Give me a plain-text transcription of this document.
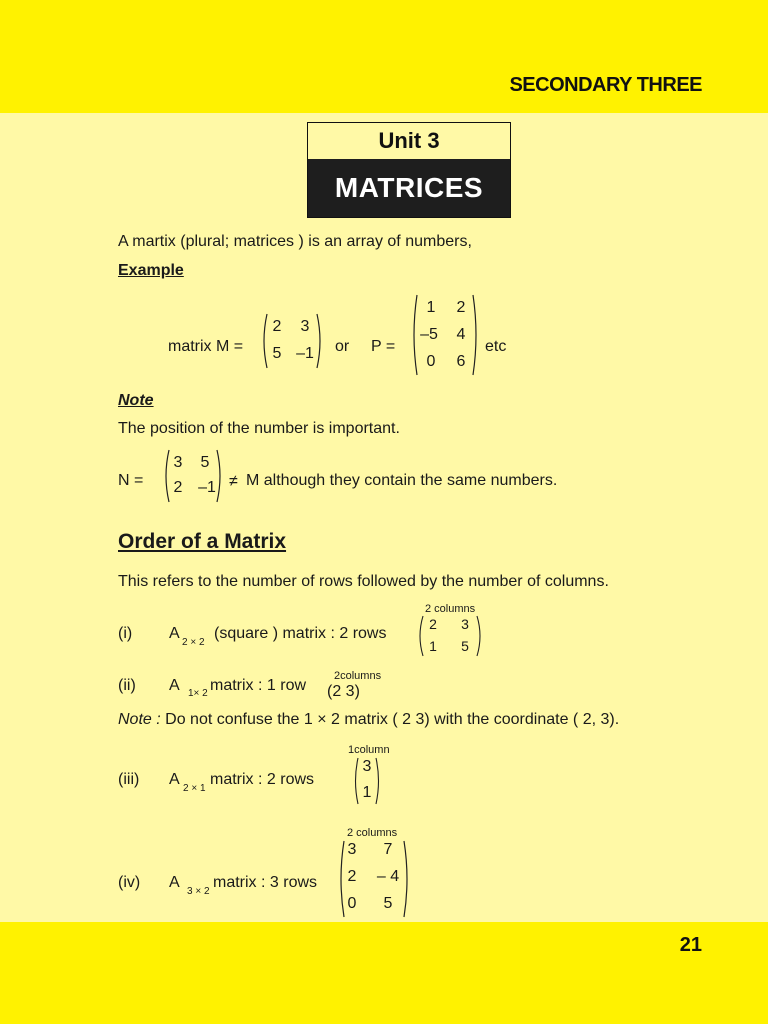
SECONDARY THREE
Unit 3
MATRICES
A martix (plural; matrices ) is an array of numbers,
Example
matrix M =
2	3
5 –1 or P =
1	2
–5	4
0	6
etc
Note
The position of the number is important.
N =
3	5
2 –1 ≠ M although they contain the same numbers.
Order of a Matrix
This refers to the number of rows followed by the number of columns.
(i) A
2 × 2
(square ) matrix : 2 rows
2 columns
2	3
1	5
(ii) A 1× 2 matrix : 1 row
2columns
(2 3)
Note : Do not confuse the 1 × 2 matrix ( 2 3) with the coordinate ( 2, 3).
1column
3
1
(iii) A
2 × 1
matrix : 2 rows
2 columns
3	7
2	– 4
0	5
(iv) A
3 × 2
matrix : 3 rows
21
